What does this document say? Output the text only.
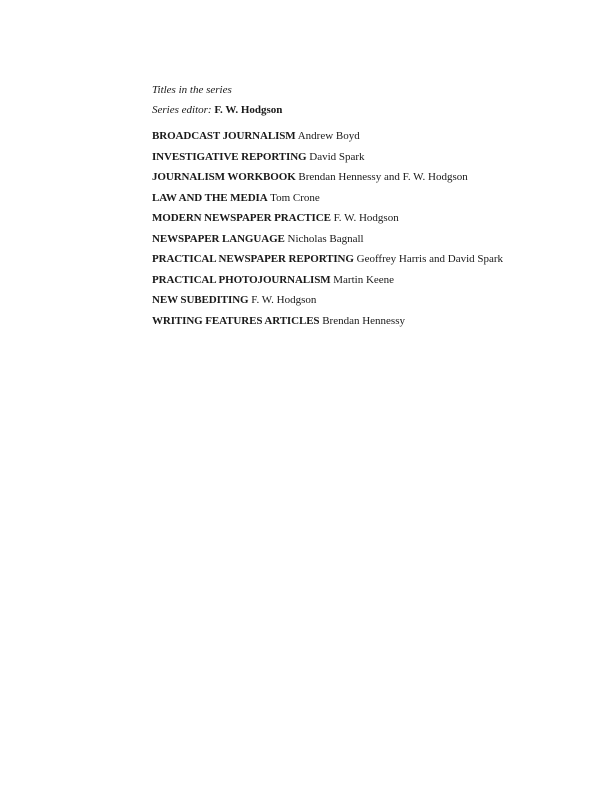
Titles in the series

Series editor: F. W. Hodgson

BROADCAST JOURNALISM Andrew Boyd
INVESTIGATIVE REPORTING David Spark
JOURNALISM WORKBOOK Brendan Hennessy and F. W. Hodgson
LAW AND THE MEDIA Tom Crone
MODERN NEWSPAPER PRACTICE F. W. Hodgson
NEWSPAPER LANGUAGE Nicholas Bagnall
PRACTICAL NEWSPAPER REPORTING Geoffrey Harris and David Spark
PRACTICAL PHOTOJOURNALISM Martin Keene
NEW SUBEDITING F. W. Hodgson
WRITING FEATURES ARTICLES Brendan Hennessy
